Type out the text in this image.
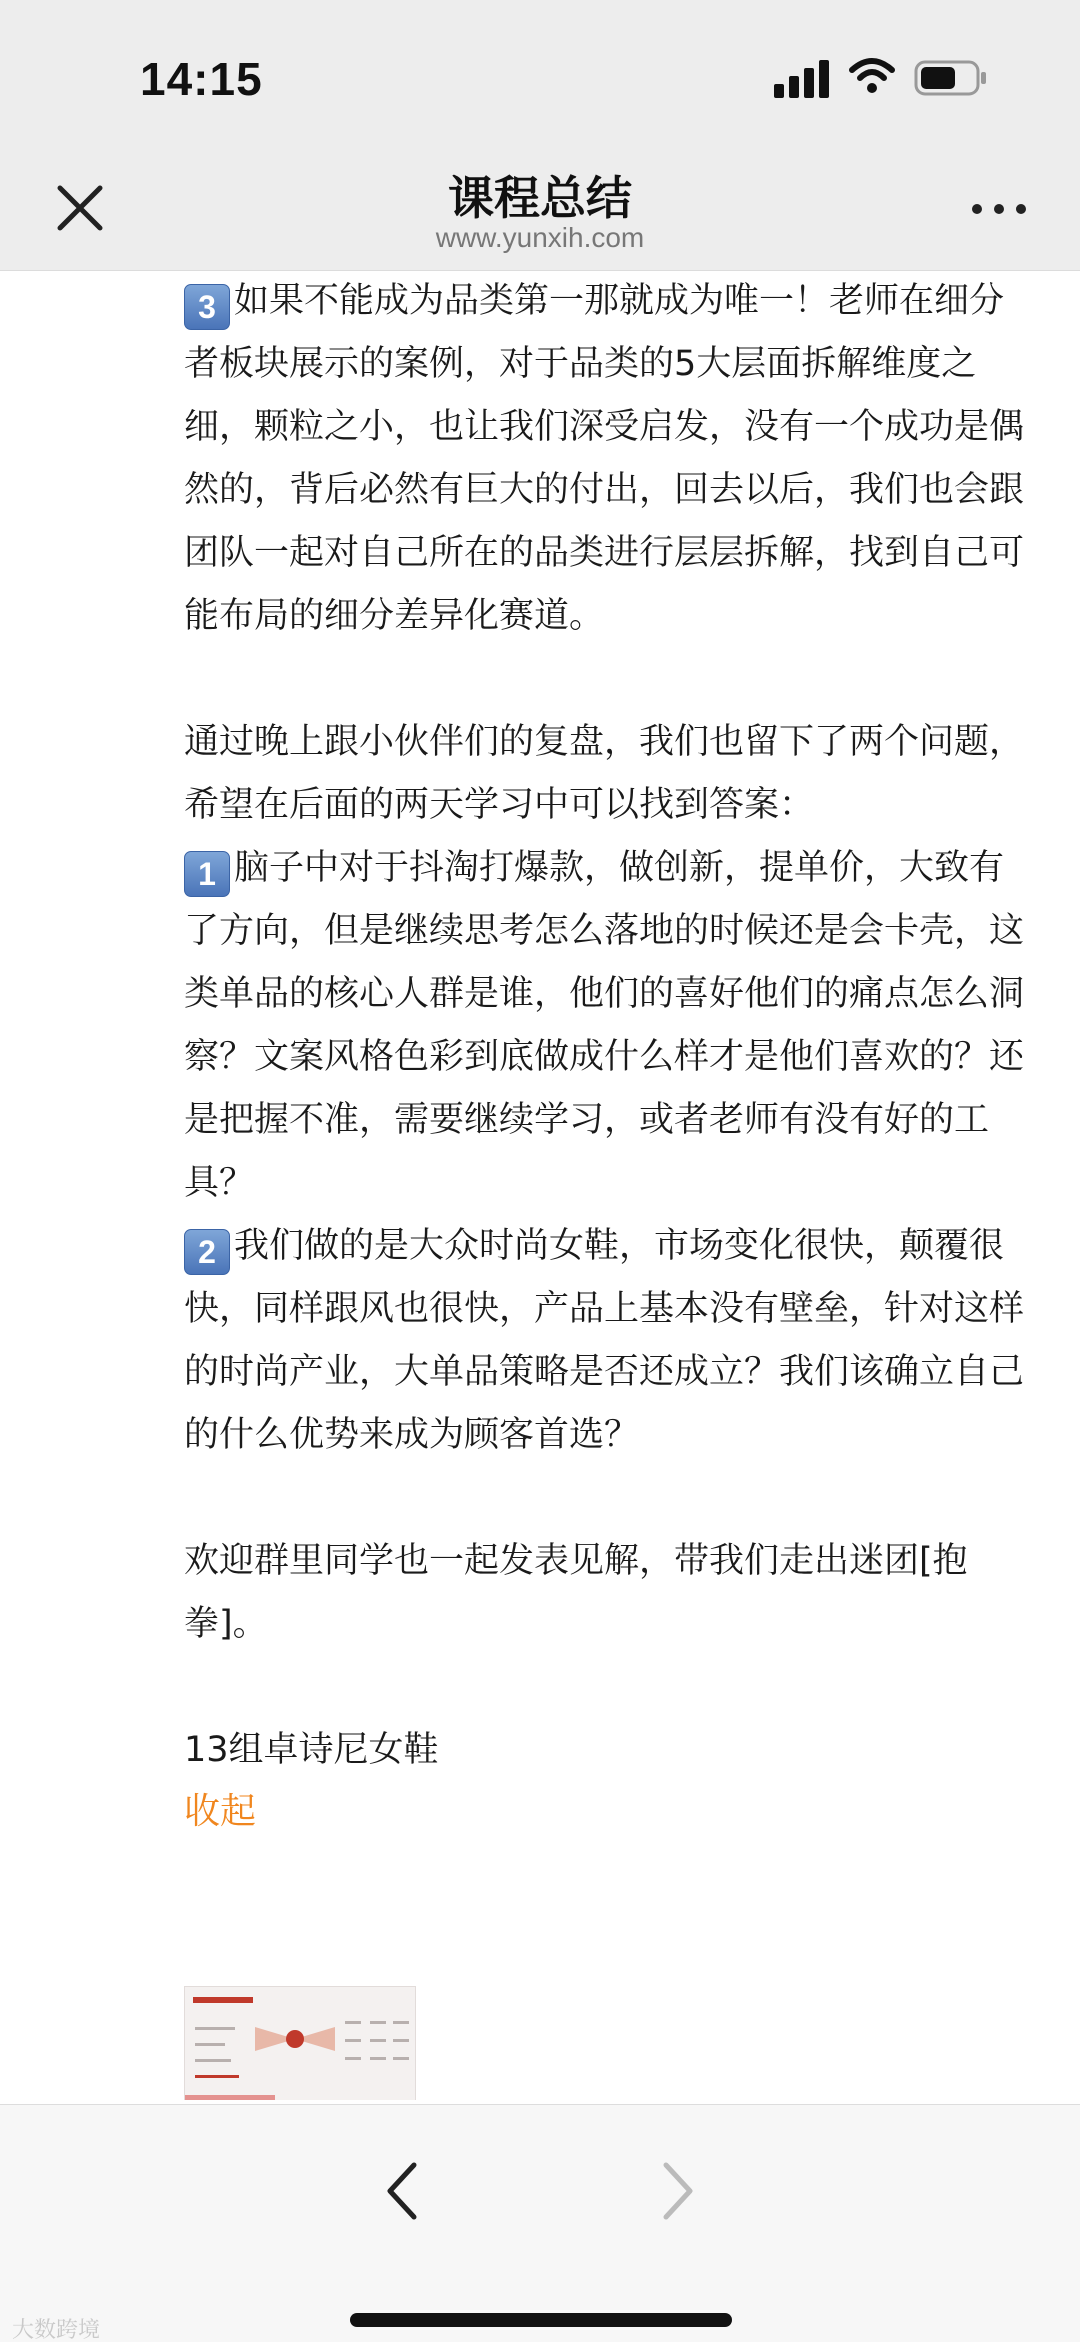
14:15
课程总结
www.yunxih.com

3 如果不能成为品类第一那就成为唯一！老师在细分者板块展示的案例，对于品类的5大层面拆解维度之细，颗粒之小，也让我们深受启发，没有一个成功是偶然的，背后必然有巨大的付出，回去以后，我们也会跟团队一起对自己所在的品类进行层层拆解，找到自己可能布局的细分差异化赛道。

通过晚上跟小伙伴们的复盘，我们也留下了两个问题，希望在后面的两天学习中可以找到答案：

1 脑子中对于抖淘打爆款，做创新，提单价，大致有了方向，但是继续思考怎么落地的时候还是会卡壳，这类单品的核心人群是谁，他们的喜好他们的痛点怎么洞察？文案风格色彩到底做成什么样才是他们喜欢的？还是把握不准，需要继续学习，或者老师有没有好的工具？

2 我们做的是大众时尚女鞋，市场变化很快，颠覆很快，同样跟风也很快，产品上基本没有壁垒，针对这样的时尚产业，大单品策略是否还成立？我们该确立自己的什么优势来成为顾客首选？

欢迎群里同学也一起发表见解，带我们走出迷团[抱拳]。

13组卓诗尼女鞋

收起

大数跨境
